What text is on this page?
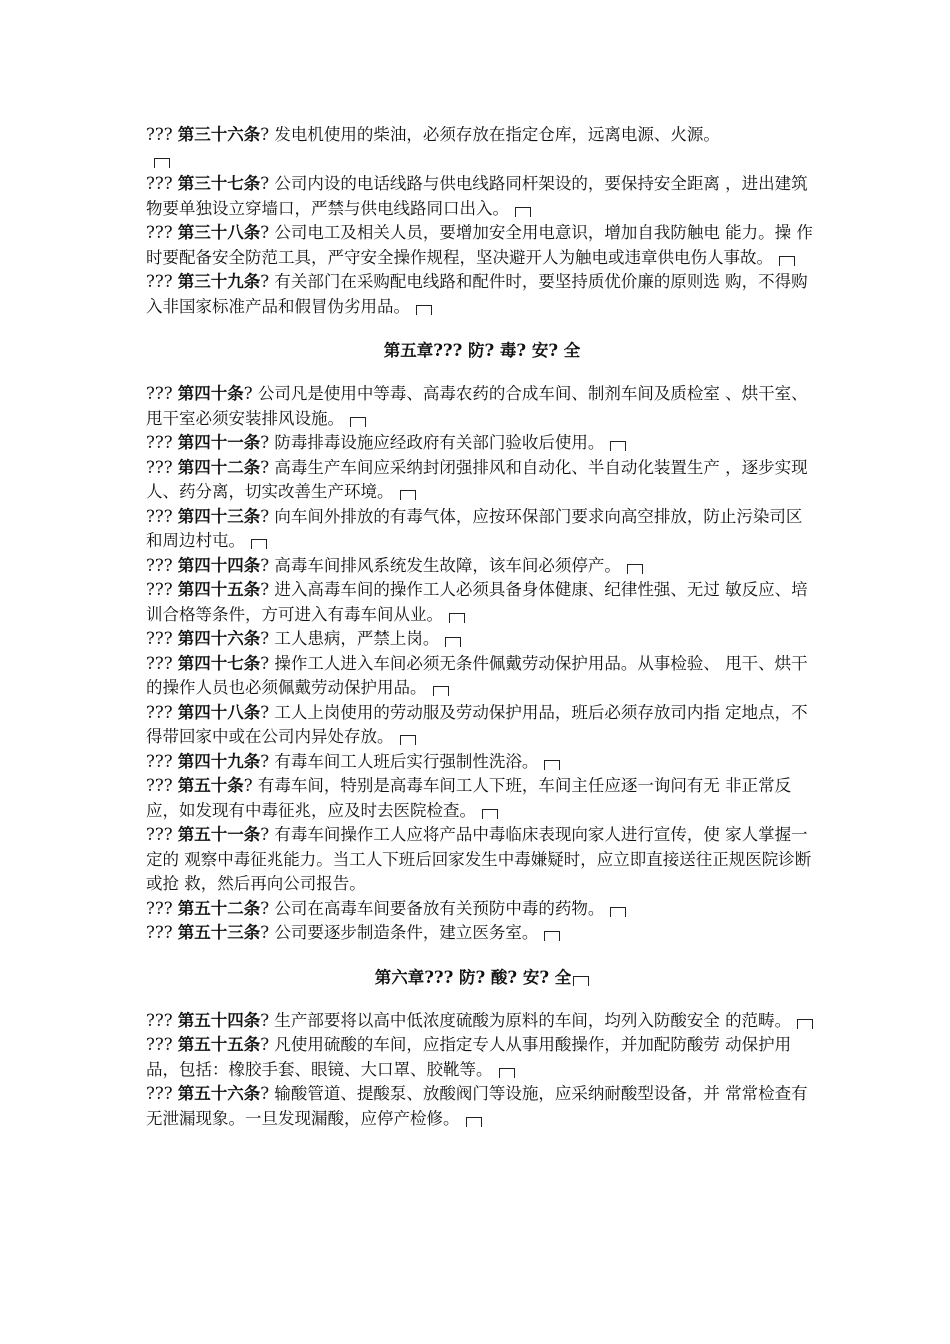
??? 第三十六条? 发电机使用的柴油，必须存放在指定仓库，远离电源、火源。

??? 第三十七条? 公司内设的电话线路与供电线路同杆架设的，要保持安全距离 ，进出建筑物要单独设立穿墙口，严禁与供电线路同口出入。

??? 第三十八条? 公司电工及相关人员，要增加安全用电意识，增加自我防触电 能力。操 作时要配备安全防范工具，严守安全操作规程，坚决避开人为触电或违章供电伤人事故。

??? 第三十九条? 有关部门在采购配电线路和配件时，要坚持质优价廉的原则选 购，不得购入非国家标准产品和假冒伪劣用品。

第五章??? 防? 毒? 安? 全

??? 第四十条? 公司凡是使用中等毒、高毒农药的合成车间、制剂车间及质检室 、烘干室、甩干室必须安装排风设施。

??? 第四十一条? 防毒排毒设施应经政府有关部门验收后使用。

??? 第四十二条? 高毒生产车间应采纳封闭强排风和自动化、半自动化装置生产 ，逐步实现人、药分离，切实改善生产环境。

??? 第四十三条? 向车间外排放的有毒气体，应按环保部门要求向高空排放，防止污染司区和周边村屯。

??? 第四十四条? 高毒车间排风系统发生故障，该车间必须停产。

??? 第四十五条? 进入高毒车间的操作工人必须具备身体健康、纪律性强、无过 敏反应、培训合格等条件，方可进入有毒车间从业。

??? 第四十六条? 工人患病，严禁上岗。

??? 第四十七条? 操作工人进入车间必须无条件佩戴劳动保护用品。从事检验、 甩干、烘干的操作人员也必须佩戴劳动保护用品。

??? 第四十八条? 工人上岗使用的劳动服及劳动保护用品，班后必须存放司内指 定地点，不得带回家中或在公司内异处存放。

??? 第四十九条? 有毒车间工人班后实行强制性洗浴。

??? 第五十条? 有毒车间，特别是高毒车间工人下班，车间主任应逐一询问有无 非正常反应，如发现有中毒征兆，应及时去医院检查。

??? 第五十一条? 有毒车间操作工人应将产品中毒临床表现向家人进行宣传，使 家人掌握一定的 观察中毒征兆能力。当工人下班后回家发生中毒嫌疑时，应立即直接送往正规医院诊断或抢 救，然后再向公司报告。

??? 第五十二条? 公司在高毒车间要备放有关预防中毒的药物。

??? 第五十三条? 公司要逐步制造条件，建立医务室。

第六章??? 防? 酸? 安? 全

??? 第五十四条? 生产部要将以高中低浓度硫酸为原料的车间，均列入防酸安全 的范畴。

??? 第五十五条? 凡使用硫酸的车间，应指定专人从事用酸操作，并加配防酸劳 动保护用品，包括：橡胶手套、眼镜、大口罩、胶靴等。

??? 第五十六条? 输酸管道、提酸泵、放酸阀门等设施，应采纳耐酸型设备，并 常常检查有无泄漏现象。一旦发现漏酸，应停产检修。
